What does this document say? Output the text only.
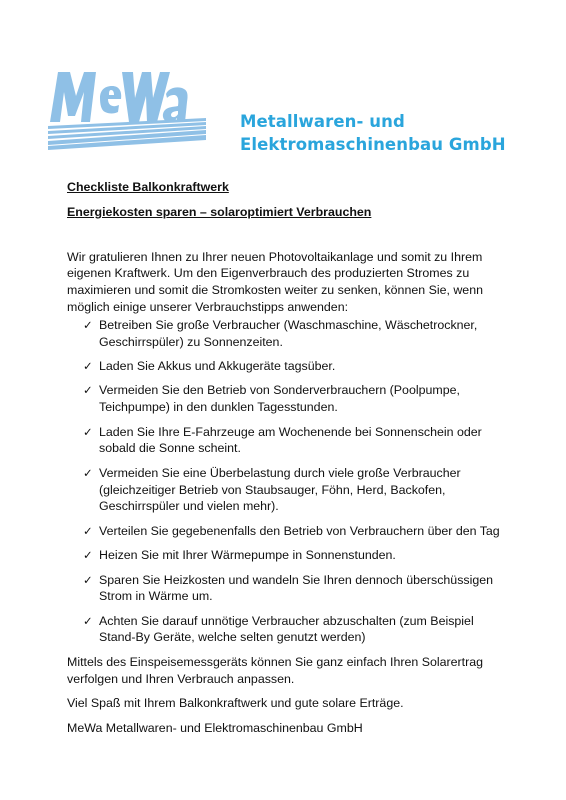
Metallwaren- und
Elektromaschinenbau GmbH
Checkliste Balkonkraftwerk
Energiekosten sparen – solaroptimiert Verbrauchen

Wir gratulieren Ihnen zu Ihrer neuen Photovoltaikanlage und somit zu Ihrem eigenen Kraftwerk. Um den Eigenverbrauch des produzierten Stromes zu maximieren und somit die Stromkosten weiter zu senken, können Sie, wenn möglich einige unserer Verbrauchstipps anwenden:

✓ Betreiben Sie große Verbraucher (Waschmaschine, Wäschetrockner, Geschirrspüler) zu Sonnenzeiten.
✓ Laden Sie Akkus und Akkugeräte tagsüber.
✓ Vermeiden Sie den Betrieb von Sonderverbrauchern (Poolpumpe, Teichpumpe) in den dunklen Tagesstunden.
✓ Laden Sie Ihre E-Fahrzeuge am Wochenende bei Sonnenschein oder sobald die Sonne scheint.
✓ Vermeiden Sie eine Überbelastung durch viele große Verbraucher (gleichzeitiger Betrieb von Staubsauger, Föhn, Herd, Backofen, Geschirrspüler und vielen mehr).
✓ Verteilen Sie gegebenenfalls den Betrieb von Verbrauchern über den Tag
✓ Heizen Sie mit Ihrer Wärmepumpe in Sonnenstunden.
✓ Sparen Sie Heizkosten und wandeln Sie Ihren dennoch überschüssigen Strom in Wärme um.
✓ Achten Sie darauf unnötige Verbraucher abzuschalten (zum Beispiel Stand-By Geräte, welche selten genutzt werden)

Mittels des Einspeisemessgeräts können Sie ganz einfach Ihren Solarertrag verfolgen und Ihren Verbrauch anpassen.

Viel Spaß mit Ihrem Balkonkraftwerk und gute solare Erträge.

MeWa Metallwaren- und Elektromaschinenbau GmbH
